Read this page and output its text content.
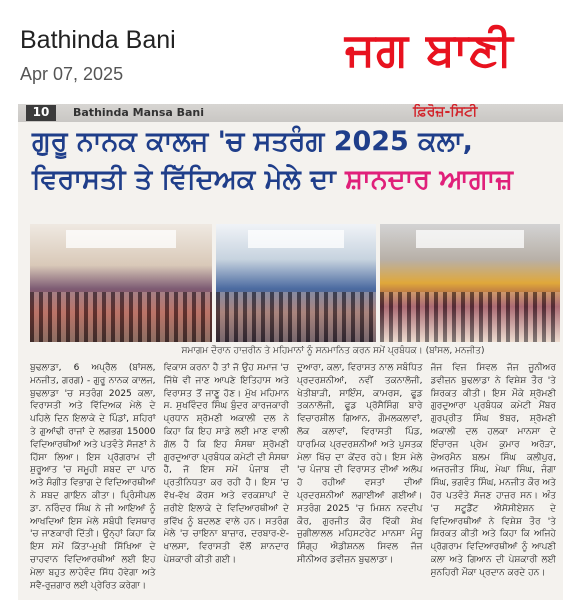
Bathinda Bani
Apr 07, 2025	ਜਗ ਬਾਣੀ
10	Bathinda Mansa Bani	ਫ਼ਿਰੋਜ਼-ਸਿਟੀ
ਗੁਰੂ ਨਾਨਕ ਕਾਲਜ 'ਚ ਸਤਰੰਗ 2025 ਕਲਾ,
ਵਿਰਾਸਤੀ ਤੇ ਵਿੱਦਿਅਕ ਮੇਲੇ ਦਾ ਸ਼ਾਨਦਾਰ ਆਗਾਜ਼
ਸਮਾਗਮ ਦੌਰਾਨ ਹਾਜ਼ਰੀਨ ਤੇ ਮਹਿਮਾਨਾਂ ਨੂੰ ਸਨਮਾਨਿਤ ਕਰਨ ਸਮੇਂ ਪ੍ਰਬੰਧਕ। (ਬਾਂਸਲ, ਮਨਜੀਤ)
ਬੁਢਲਾਡਾ, 6 ਅਪ੍ਰੈਲ (ਬਾਂਸਲ, ਮਨਜੀਤ, ਗਰਗ) - ਗੁਰੂ ਨਾਨਕ ਕਾਲਜ, ਬੁਢਲਾਡਾ 'ਚ ਸਤਰੰਗ 2025 ਕਲਾ, ਵਿਰਾਸਤੀ ਅਤੇ ਵਿੱਦਿਅਕ ਮੇਲੇ ਦੇ ਪਹਿਲੇ ਦਿਨ ਇਲਾਕੇ ਦੇ ਪਿੰਡਾਂ, ਸ਼ਹਿਰਾਂ ਤੇ ਗੁਆਂਢੀ ਰਾਜਾਂ ਦੇ ਲਗਭਗ 15000 ਵਿਦਿਆਰਥੀਆਂ ਅਤੇ ਪਤਵੰਤੇ ਸੱਜਣਾਂ ਨੇ ਹਿੱਸਾ ਲਿਆ। ਇਸ ਪ੍ਰੋਗਰਾਮ ਦੀ ਸ਼ੁਰੂਆਤ 'ਚ ਸਮੂਹੀ ਸ਼ਬਦ ਦਾ ਪਾਠ ਅਤੇ ਸੰਗੀਤ ਵਿਭਾਗ ਦੇ ਵਿਦਿਆਰਥੀਆਂ ਨੇ ਸ਼ਬਦ ਗਾਇਨ ਕੀਤਾ। ਪ੍ਰਿੰਸੀਪਲ ਡਾ. ਨਰਿੰਦਰ ਸਿੰਘ ਨੇ ਜੀ ਆਇਆਂ ਨੂੰ ਆਖਦਿਆਂ ਇਸ ਮੇਲੇ ਸਬੰਧੀ ਵਿਸਥਾਰ 'ਚ ਜਾਣਕਾਰੀ ਦਿੱਤੀ। ਉਨ੍ਹਾਂ ਕਿਹਾ ਕਿ ਇਸ ਸਮੇਂ ਕਿੱਤਾ-ਮੁਖੀ ਸਿੱਖਿਆ ਦੇ ਚਾਹਵਾਨ ਵਿਦਿਆਰਥੀਆਂ ਲਈ ਇਹ ਮੇਲਾ ਬਹੁਤ ਲਾਹੇਵੰਦ ਸਿੱਧ ਹੋਵੇਗਾ ਅਤੇ ਸਵੈ-ਰੁਜ਼ਗਾਰ ਲਈ ਪ੍ਰੇਰਿਤ ਕਰੇਗਾ।
ਵਿਕਾਸ ਕਰਨਾ ਹੈ ਤਾਂ ਜੋ ਉਹ ਸਮਾਜ 'ਚ ਜਿੱਥੇ ਵੀ ਜਾਣ ਆਪਣੇ ਇਤਿਹਾਸ ਅਤੇ ਵਿਰਾਸਤ ਤੋਂ ਜਾਣੂ ਹੋਣ। ਮੁੱਖ ਮਹਿਮਾਨ ਸ. ਸੁਖਵਿੰਦਰ ਸਿੰਘ ਬੁੰਦਰ ਕਾਰਜਕਾਰੀ ਪ੍ਰਧਾਨ ਸ਼੍ਰੋਮਣੀ ਅਕਾਲੀ ਦਲ ਨੇ ਕਿਹਾ ਕਿ ਇਹ ਸਾਡੇ ਲਈ ਮਾਣ ਵਾਲੀ ਗੱਲ ਹੈ ਕਿ ਇਹ ਸੰਸਥਾ ਸ਼੍ਰੋਮਣੀ ਗੁਰਦੁਆਰਾ ਪ੍ਰਬੰਧਕ ਕਮੇਟੀ ਦੀ ਸੰਸਥਾ ਹੈ, ਜੋ ਇਸ ਸਮੇਂ ਪੰਜਾਬ ਦੀ ਪ੍ਰਤੀਨਿਧਤਾ ਕਰ ਰਹੀ ਹੈ। ਇਸ 'ਚ ਵੱਖ-ਵੱਖ ਕੋਰਸ ਅਤੇ ਵਰਕਸ਼ਾਪਾਂ ਦੇ ਜ਼ਰੀਏ ਇਲਾਕੇ ਦੇ ਵਿਦਿਆਰਥੀਆਂ ਦੇ ਭਵਿੱਖ ਨੂੰ ਬਦਲਣ ਵਾਲੇ ਹਨ। ਸਤਰੰਗ ਮੇਲੇ 'ਚ ਚਾਇਨਾ ਬਾਜ਼ਾਰ, ਦਰਬਾਰ-ਏ-ਖਾਲਸਾ, ਵਿਰਾਸਤੀ ਵੱਲੋਂ ਸ਼ਾਨਦਾਰ ਪੇਸ਼ਕਾਰੀ ਕੀਤੀ ਗਈ।
ਦੁਆਰਾ, ਕਲਾ, ਵਿਰਾਸਤ ਨਾਲ ਸਬੰਧਿਤ ਪ੍ਰਦਰਸ਼ਨੀਆਂ, ਨਵੀਂ ਤਕਨਾਲੋਜੀ, ਖੇਤੀਬਾੜੀ, ਸਾਇੰਸ, ਕਾਮਰਸ, ਫੂਡ ਤਕਨਾਲੋਜੀ, ਫੂਡ ਪ੍ਰੋਸੈਸਿੰਗ ਬਾਰੇ ਵਿਚਾਰਸ਼ੀਲ ਗਿਆਨ, ਗੌਮਲਕਲਾਵਾਂ, ਲੋਕ ਕਲਾਵਾਂ, ਵਿਰਾਸਤੀ ਪਿੰਡ, ਧਾਰਮਿਕ ਪ੍ਰਦਰਸ਼ਨੀਆਂ ਅਤੇ ਪੁਸਤਕ ਮੇਲਾ ਖਿੱਚ ਦਾ ਕੇਂਦਰ ਰਹੇ। ਇਸ ਮੇਲੇ 'ਚ ਪੰਜਾਬ ਦੀ ਵਿਰਾਸਤ ਦੀਆਂ ਅਲੋਪ ਹੋ ਰਹੀਆਂ ਵਸਤਾਂ ਦੀਆਂ ਪ੍ਰਦਰਸ਼ਨੀਆਂ ਲਗਾਈਆਂ ਗਈਆਂ। ਸਤਰੰਗ 2025 'ਚ ਮਿਸ਼ਨ ਨਵਦੀਪ ਕੌਰ, ਗੁਰਜੀਤ ਕੌਰ ਵਿੱਕੀ ਸ਼ੇਖ ਜੁਗੀਲਾਲਲ ਮਹਿਸਟਰੇਟ ਮਾਨਸਾ ਮੰਜੂ ਸਿੰਗ੍ਹ ਐਡੀਸ਼ਨਲ ਸਿਵਲ ਜੱਜ ਸੀਨੀਅਰ ਡਵੀਜ਼ਨ ਬੁਢਲਾਡਾ।
ਜੱਜ ਵਿਜ ਸਿਵਲ ਜੱਜ ਜੂਨੀਅਰ ਡਵੀਜ਼ਨ ਬੁਢਲਾਡਾ ਨੇ ਵਿਸ਼ੇਸ਼ ਤੌਰ 'ਤੇ ਸ਼ਿਰਕਤ ਕੀਤੀ। ਇਸ ਮੌਕੇ ਸ਼੍ਰੋਮਣੀ ਗੁਰਦੁਆਰਾ ਪ੍ਰਬੰਧਕ ਕਮੇਟੀ ਮੈਂਬਰ ਗੁਰਪ੍ਰੀਤ ਸਿੰਘ ਝੱਬਰ, ਸ਼੍ਰੋਮਣੀ ਅਕਾਲੀ ਦਲ ਹਲਕਾ ਮਾਨਸਾ ਦੇ ਇੰਚਾਰਜ ਪ੍ਰੇਮ ਕੁਮਾਰ ਅਰੋੜਾ, ਚੇਅਰਮੈਨ ਬਲਮ ਸਿੰਘ ਕਲੀਪੁਰ, ਅਜਰਜੀਤ ਸਿੰਘ, ਮੇਘਾ ਸਿੰਘ, ਜੰਗਾ ਸਿੰਘ, ਭਗਵੰਤ ਸਿੰਘ, ਮਨਜੀਤ ਕੌਰ ਅਤੇ ਹੋਰ ਪਤਵੰਤੇ ਸੱਜਣ ਹਾਜ਼ਰ ਸਨ। ਅੰਤ 'ਚ ਸਟੂਡੈਂਟ ਐਸੋਸੀਏਸ਼ਨ ਦੇ ਵਿਦਿਆਰਥੀਆਂ ਨੇ ਵਿਸ਼ੇਸ਼ ਤੌਰ 'ਤੇ ਸ਼ਿਰਕਤ ਕੀਤੀ ਅਤੇ ਕਿਹਾ ਕਿ ਅਜਿਹੇ ਪ੍ਰੋਗਰਾਮ ਵਿਦਿਆਰਥੀਆਂ ਨੂੰ ਆਪਣੀ ਕਲਾ ਅਤੇ ਗਿਆਨ ਦੀ ਪੇਸ਼ਕਾਰੀ ਲਈ ਸੁਨਹਿਰੀ ਮੌਕਾ ਪ੍ਰਦਾਨ ਕਰਦੇ ਹਨ।
